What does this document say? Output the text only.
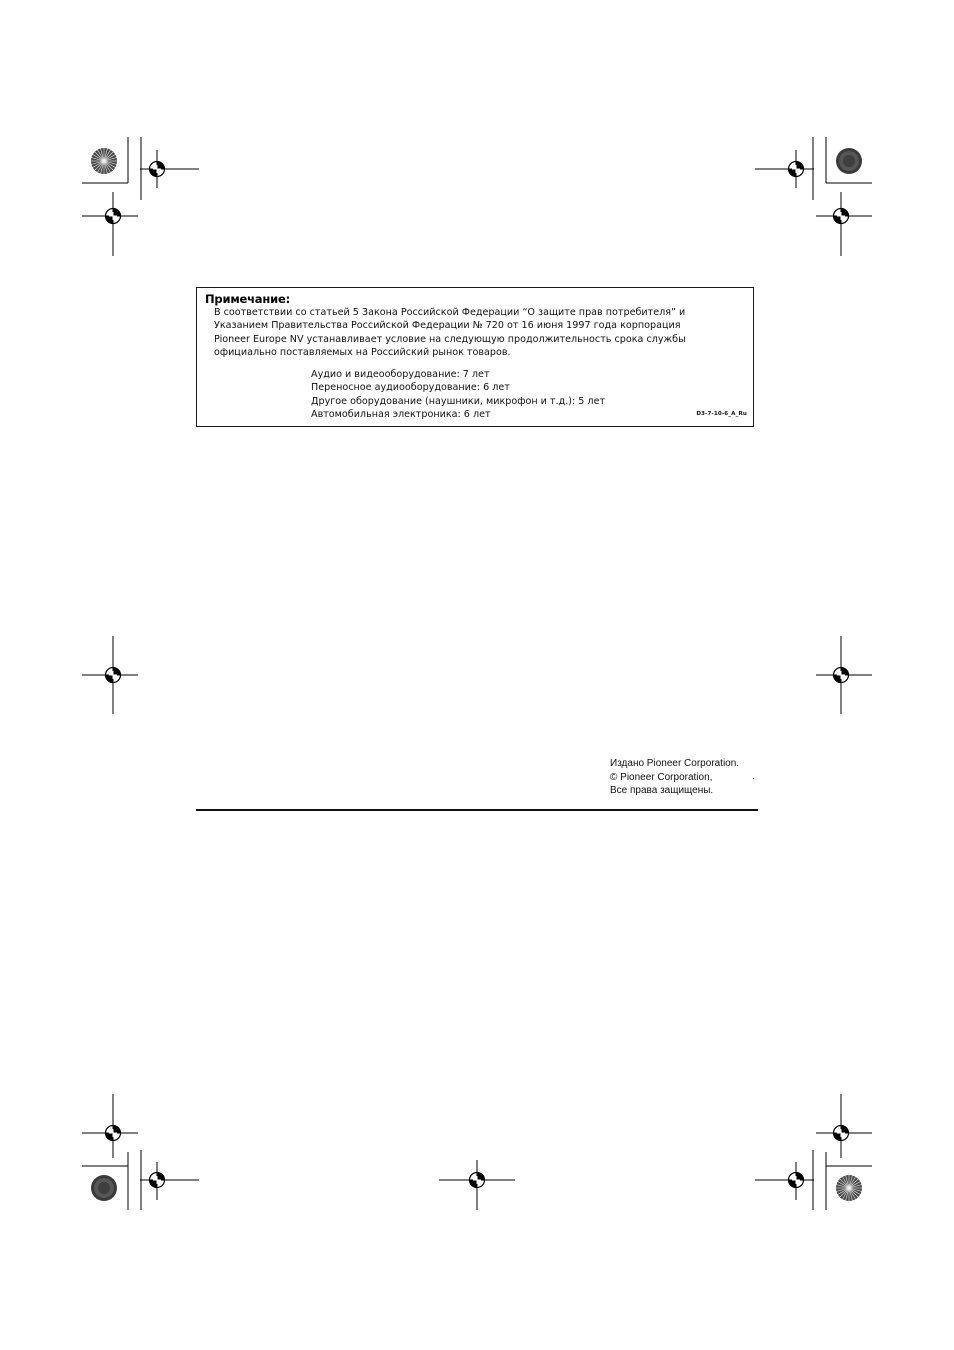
Примечание:
В соответствии со статьей 5 Закона Российской Федерации “О защите прав потребителя” и
Указанием Правительства Российской Федерации № 720 от 16 июня 1997 года корпорация
Pioneer Europe NV устанавливает условие на следующую продолжительность срока службы
официально поставляемых на Российский рынок товаров.
Аудио и видеооборудование: 7 лет
Переносное аудиооборудование: 6 лет
Другое оборудование (наушники, микрофон и т.д.): 5 лет
Автомобильная электроника: 6 лет	D3-7-10-6_A_Ru
Издано Pioneer Corporation.
© Pioneer Corporation,	.
Все права защищены.
